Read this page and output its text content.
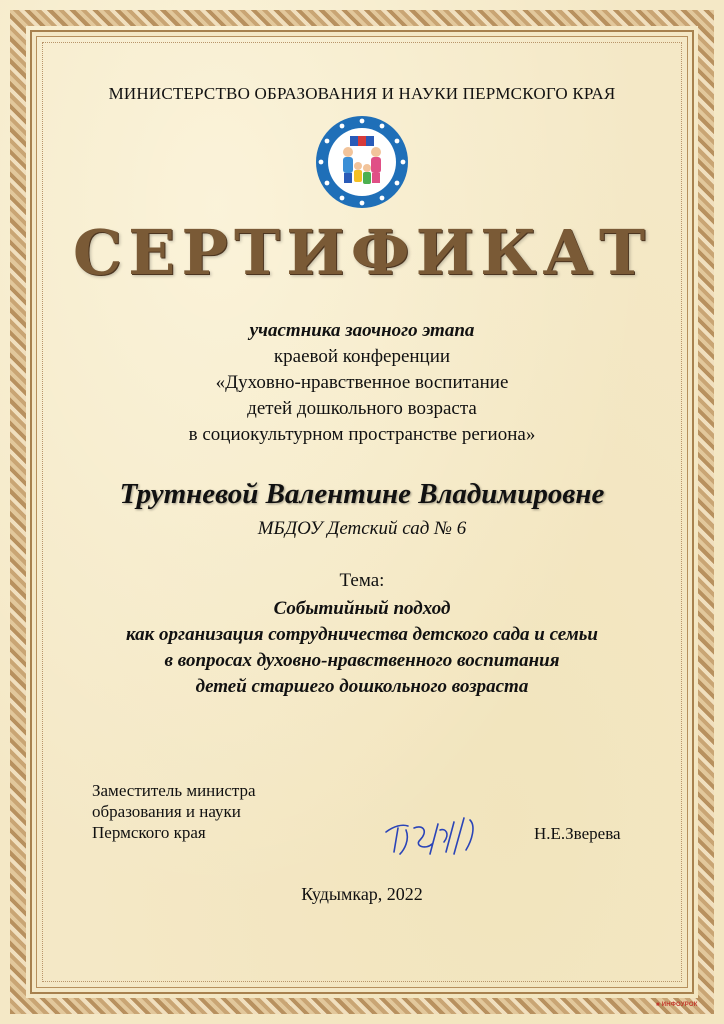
МИНИСТЕРСТВО ОБРАЗОВАНИЯ И НАУКИ ПЕРМСКОГО КРАЯ
СЕРТИФИКАТ
участника заочного этапа
краевой конференции
«Духовно-нравственное воспитание
детей дошкольного возраста
в социокультурном пространстве региона»
Трутневой Валентине Владимировне
МБДОУ Детский сад № 6
Тема:
Событийный подход
как организация сотрудничества детского сада и семьи
в вопросах духовно-нравственного воспитания
детей старшего дошкольного возраста
Заместитель министра
образования и науки
Пермского края	Н.Е.Зверева
Кудымкар, 2022
■ ИНФОУРОК
